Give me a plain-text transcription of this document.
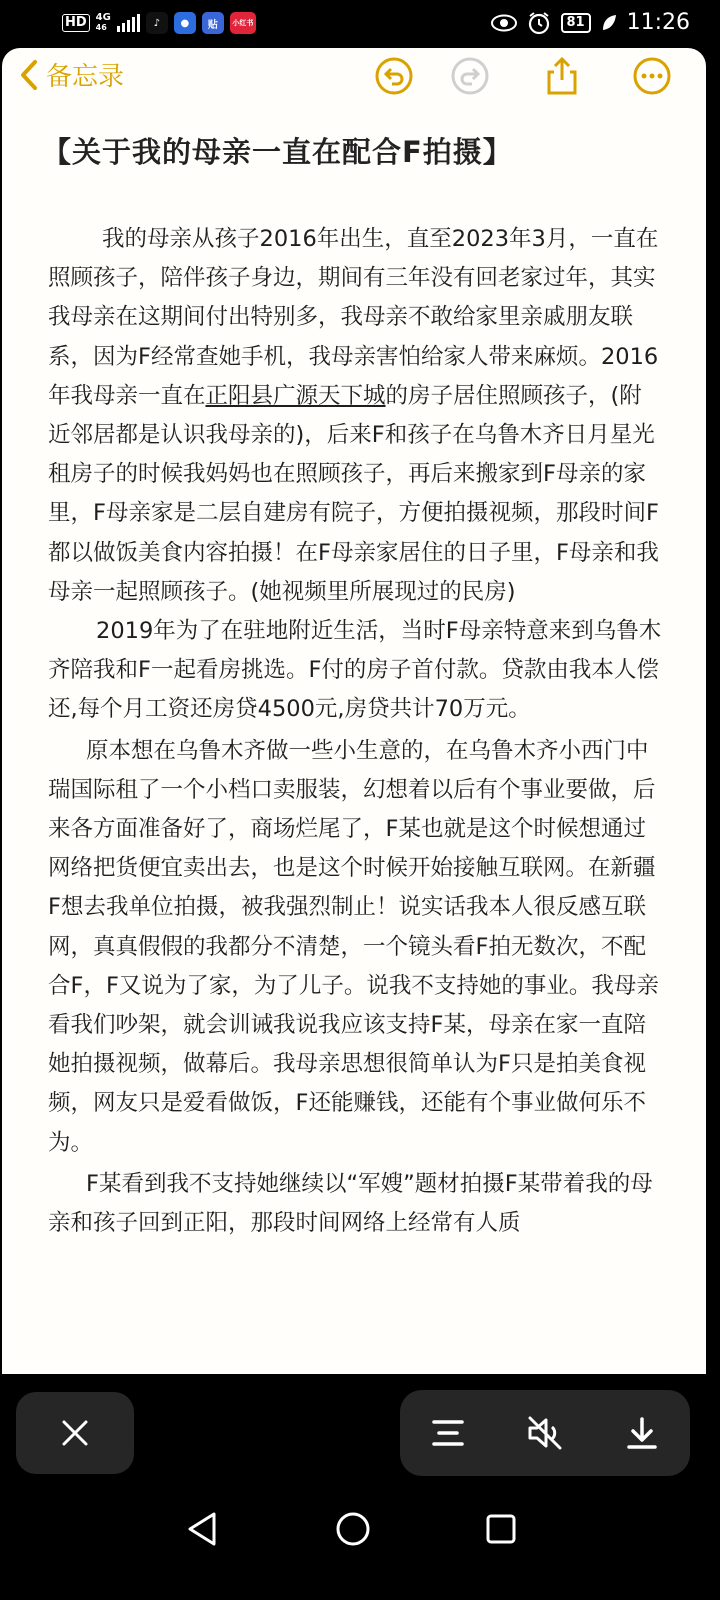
HD 4G
46	♪	●	贴	小红书	81 11:26
备忘录
【关于我的母亲一直在配合F拍摄】

我的母亲从孩子2016年出生，直至2023年3月，一直在照顾孩子，陪伴孩子身边，期间有三年没有回老家过年，其实我母亲在这期间付出特别多，我母亲不敢给家里亲戚朋友联系，因为F经常查她手机，我母亲害怕给家人带来麻烦。2016年我母亲一直在正阳县广源天下城的房子居住照顾孩子，(附近邻居都是认识我母亲的)，后来F和孩子在乌鲁木齐日月星光租房子的时候我妈妈也在照顾孩子，再后来搬家到F母亲的家里，F母亲家是二层自建房有院子，方便拍摄视频，那段时间F都以做饭美食内容拍摄！在F母亲家居住的日子里，F母亲和我母亲一起照顾孩子。(她视频里所展现过的民房)

2019年为了在驻地附近生活，当时F母亲特意来到乌鲁木齐陪我和F一起看房挑选。F付的房子首付款。贷款由我本人偿还,每个月工资还房贷4500元,房贷共计70万元。

原本想在乌鲁木齐做一些小生意的，在乌鲁木齐小西门中瑞国际租了一个小档口卖服装，幻想着以后有个事业要做，后来各方面准备好了，商场烂尾了，F某也就是这个时候想通过网络把货便宜卖出去，也是这个时候开始接触互联网。在新疆F想去我单位拍摄，被我强烈制止！说实话我本人很反感互联网，真真假假的我都分不清楚，一个镜头看F拍无数次，不配合F，F又说为了家，为了儿子。说我不支持她的事业。我母亲看我们吵架，就会训诫我说我应该支持F某，母亲在家一直陪她拍摄视频，做幕后。我母亲思想很简单认为F只是拍美食视频，网友只是爱看做饭，F还能赚钱，还能有个事业做何乐不为。

F某看到我不支持她继续以“军嫂”题材拍摄F某带着我的母亲和孩子回到正阳，那段时间网络上经常有人质
